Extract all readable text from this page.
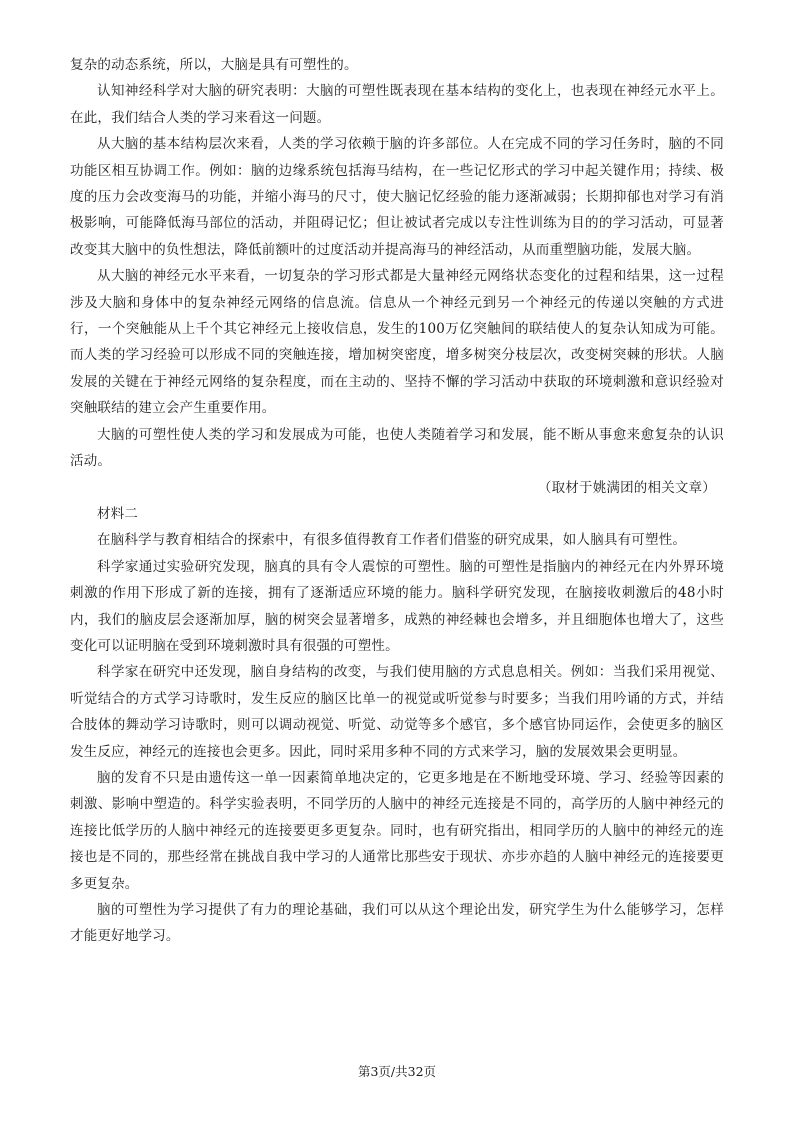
复杂的动态系统，所以，大脑是具有可塑性的。

认知神经科学对大脑的研究表明：大脑的可塑性既表现在基本结构的变化上，也表现在神经元水平上。在此，我们结合人类的学习来看这一问题。

从大脑的基本结构层次来看，人类的学习依赖于脑的许多部位。人在完成不同的学习任务时，脑的不同功能区相互协调工作。例如：脑的边缘系统包括海马结构，在一些记忆形式的学习中起关键作用；持续、极度的压力会改变海马的功能，并缩小海马的尺寸，使大脑记忆经验的能力逐渐减弱；长期抑郁也对学习有消极影响，可能降低海马部位的活动，并阻碍记忆；但让被试者完成以专注性训练为目的的学习活动，可显著改变其大脑中的负性想法，降低前额叶的过度活动并提高海马的神经活动，从而重塑脑功能，发展大脑。

从大脑的神经元水平来看，一切复杂的学习形式都是大量神经元网络状态变化的过程和结果，这一过程涉及大脑和身体中的复杂神经元网络的信息流。信息从一个神经元到另一个神经元的传递以突触的方式进行，一个突触能从上千个其它神经元上接收信息，发生的100万亿突触间的联结使人的复杂认知成为可能。而人类的学习经验可以形成不同的突触连接，增加树突密度，增多树突分枝层次，改变树突棘的形状。人脑发展的关键在于神经元网络的复杂程度，而在主动的、坚持不懈的学习活动中获取的环境刺激和意识经验对突触联结的建立会产生重要作用。

大脑的可塑性使人类的学习和发展成为可能，也使人类随着学习和发展，能不断从事愈来愈复杂的认识活动。

（取材于姚满团的相关文章）

材料二

在脑科学与教育相结合的探索中，有很多值得教育工作者们借鉴的研究成果，如人脑具有可塑性。

科学家通过实验研究发现，脑真的具有令人震惊的可塑性。脑的可塑性是指脑内的神经元在内外界环境刺激的作用下形成了新的连接，拥有了逐渐适应环境的能力。脑科学研究发现，在脑接收刺激后的48小时内，我们的脑皮层会逐渐加厚，脑的树突会显著增多，成熟的神经棘也会增多，并且细胞体也增大了，这些变化可以证明脑在受到环境刺激时具有很强的可塑性。

科学家在研究中还发现，脑自身结构的改变，与我们使用脑的方式息息相关。例如：当我们采用视觉、听觉结合的方式学习诗歌时，发生反应的脑区比单一的视觉或听觉参与时要多；当我们用吟诵的方式，并结合肢体的舞动学习诗歌时，则可以调动视觉、听觉、动觉等多个感官，多个感官协同运作，会使更多的脑区发生反应，神经元的连接也会更多。因此，同时采用多种不同的方式来学习，脑的发展效果会更明显。

脑的发育不只是由遗传这一单一因素简单地决定的，它更多地是在不断地受环境、学习、经验等因素的刺激、影响中塑造的。科学实验表明，不同学历的人脑中的神经元连接是不同的，高学历的人脑中神经元的连接比低学历的人脑中神经元的连接要更多更复杂。同时，也有研究指出，相同学历的人脑中的神经元的连接也是不同的，那些经常在挑战自我中学习的人通常比那些安于现状、亦步亦趋的人脑中神经元的连接要更多更复杂。

脑的可塑性为学习提供了有力的理论基础，我们可以从这个理论出发，研究学生为什么能够学习，怎样才能更好地学习。

第3页/共32页
